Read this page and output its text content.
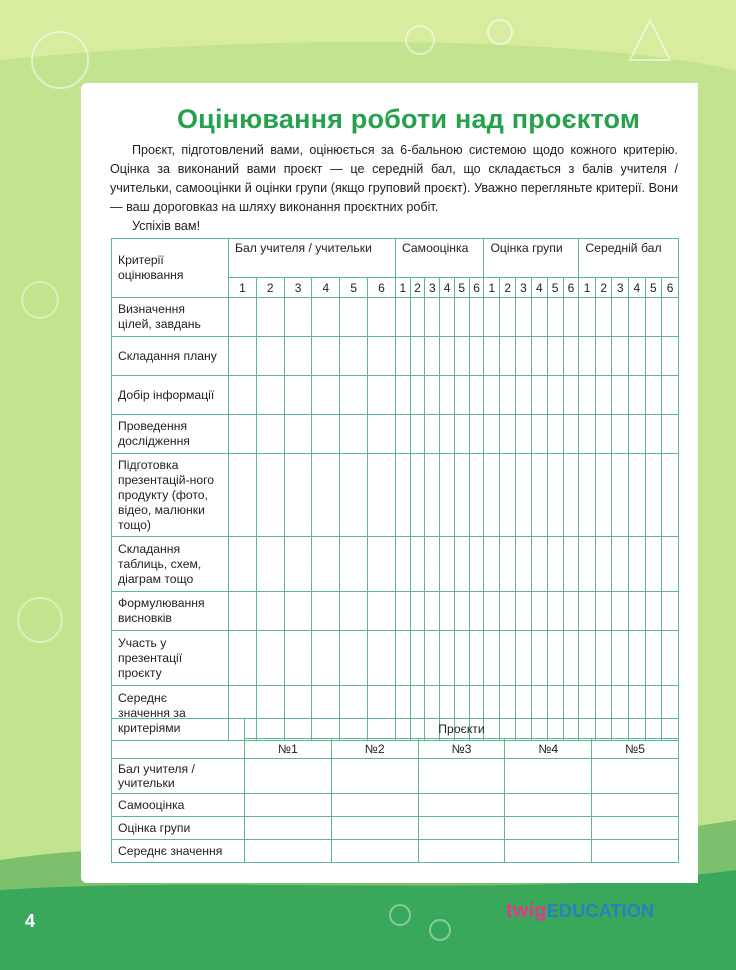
Оцінювання роботи над проєктом

Проєкт, підготовлений вами, оцінюється за 6-бальною системою щодо кожного критерію. Оцінка за виконаний вами проєкт — це середній бал, що складається з балів учителя / учительки, самооцінки й оцінки групи (якщо груповий проєкт). Уважно перегляньте критерії. Вони — ваш дороговказ на шляху виконання проєктних робіт.

Успіхів вам!

Критерії оцінювання	Бал учителя / учительки						Самооцінка						Оцінка групи						Середній бал					
	1	2	3	4	5	6	1	2	3	4	5	6	1	2	3	4	5	6	1	2	3	4	5	6
Визначення цілей, завдань																								
Складання плану																								
Добір інформації																								
Проведення дослідження																								
Підготовка презентацій-ного продукту (фото, відео, малюнки тощо)																								
Складання таблиць, схем, діаграм тощо																								
Формулювання висновків																								
Участь у презентації проєкту																								
Середнє значення за критеріями																								
		Проєкти				
	№1	№2	№3	№4	№5
Бал учителя / учительки					
Самооцінка					
Оцінка групи					
Середнє значення					
4	twigEDUCATION
